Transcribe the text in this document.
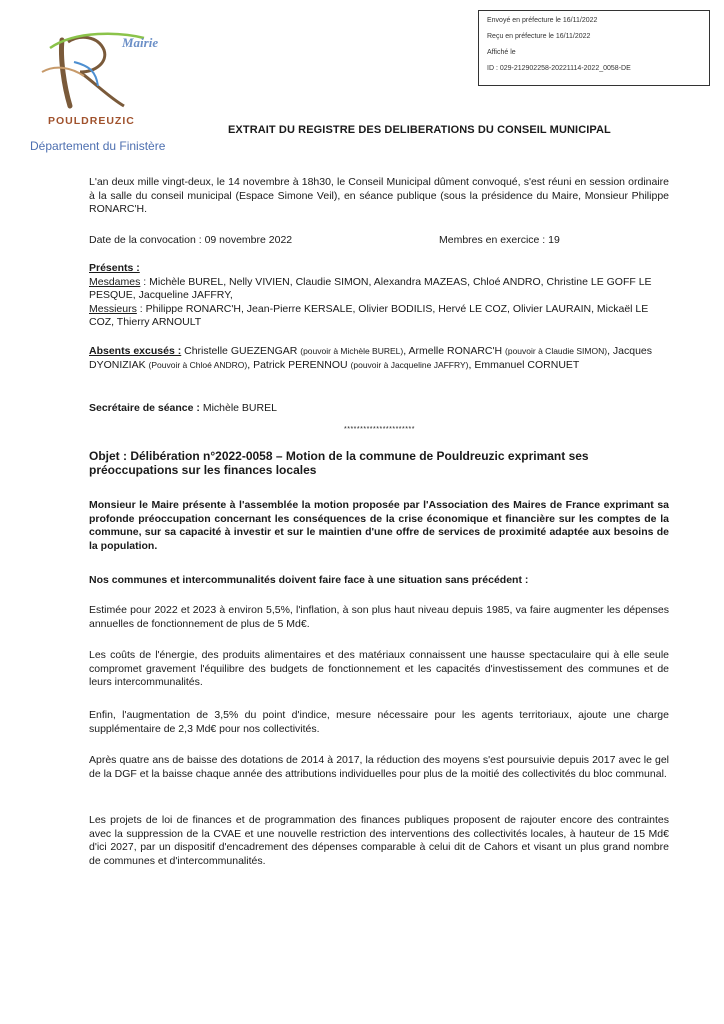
Envoyé en préfecture le 16/11/2022
Reçu en préfecture le 16/11/2022
Affiché le
ID : 029-212902258-20221114-2022_0058-DE
Mairie
POULDREUZIC
Département du Finistère
EXTRAIT DU REGISTRE DES DELIBERATIONS DU CONSEIL MUNICIPAL
L'an deux mille vingt-deux, le 14 novembre à 18h30, le Conseil Municipal dûment convoqué, s'est réuni en session ordinaire à la salle du conseil municipal (Espace Simone Veil), en séance publique (sous la présidence du Maire, Monsieur Philippe RONARC'H.
Date de la convocation : 09 novembre 2022	Membres en exercice : 19
Présents :
Mesdames : Michèle BUREL, Nelly VIVIEN, Claudie SIMON, Alexandra MAZEAS, Chloé ANDRO, Christine LE GOFF LE PESQUE, Jacqueline JAFFRY,
Messieurs : Philippe RONARC'H, Jean-Pierre KERSALE, Olivier BODILIS, Hervé LE COZ, Olivier LAURAIN, Mickaël LE COZ, Thierry ARNOULT
Absents excusés : Christelle GUEZENGAR (pouvoir à Michèle BUREL), Armelle RONARC'H (pouvoir à Claudie SIMON), Jacques DYONIZIAK (Pouvoir à Chloé ANDRO), Patrick PERENNOU (pouvoir à Jacqueline JAFFRY), Emmanuel CORNUET
Secrétaire de séance : Michèle BUREL
**********************
Objet : Délibération n°2022-0058 – Motion de la commune de Pouldreuzic exprimant ses préoccupations sur les finances locales
Monsieur le Maire présente à l'assemblée la motion proposée par l'Association des Maires de France exprimant sa profonde préoccupation concernant les conséquences de la crise économique et financière sur les comptes de la commune, sur sa capacité à investir et sur le maintien d'une offre de services de proximité adaptée aux besoins de la population.
Nos communes et intercommunalités doivent faire face à une situation sans précédent :
Estimée pour 2022 et 2023 à environ 5,5%, l'inflation, à son plus haut niveau depuis 1985, va faire augmenter les dépenses annuelles de fonctionnement de plus de 5 Md€.
Les coûts de l'énergie, des produits alimentaires et des matériaux connaissent une hausse spectaculaire qui à elle seule compromet gravement l'équilibre des budgets de fonctionnement et les capacités d'investissement des communes et de leurs intercommunalités.
Enfin, l'augmentation de 3,5% du point d'indice, mesure nécessaire pour les agents territoriaux, ajoute une charge supplémentaire de 2,3 Md€ pour nos collectivités.
Après quatre ans de baisse des dotations de 2014 à 2017, la réduction des moyens s'est poursuivie depuis 2017 avec le gel de la DGF et la baisse chaque année des attributions individuelles pour plus de la moitié des collectivités du bloc communal.
Les projets de loi de finances et de programmation des finances publiques proposent de rajouter encore des contraintes avec la suppression de la CVAE et une nouvelle restriction des interventions des collectivités locales, à hauteur de 15 Md€ d'ici 2027, par un dispositif d'encadrement des dépenses comparable à celui dit de Cahors et visant un plus grand nombre de communes et d'intercommunalités.
